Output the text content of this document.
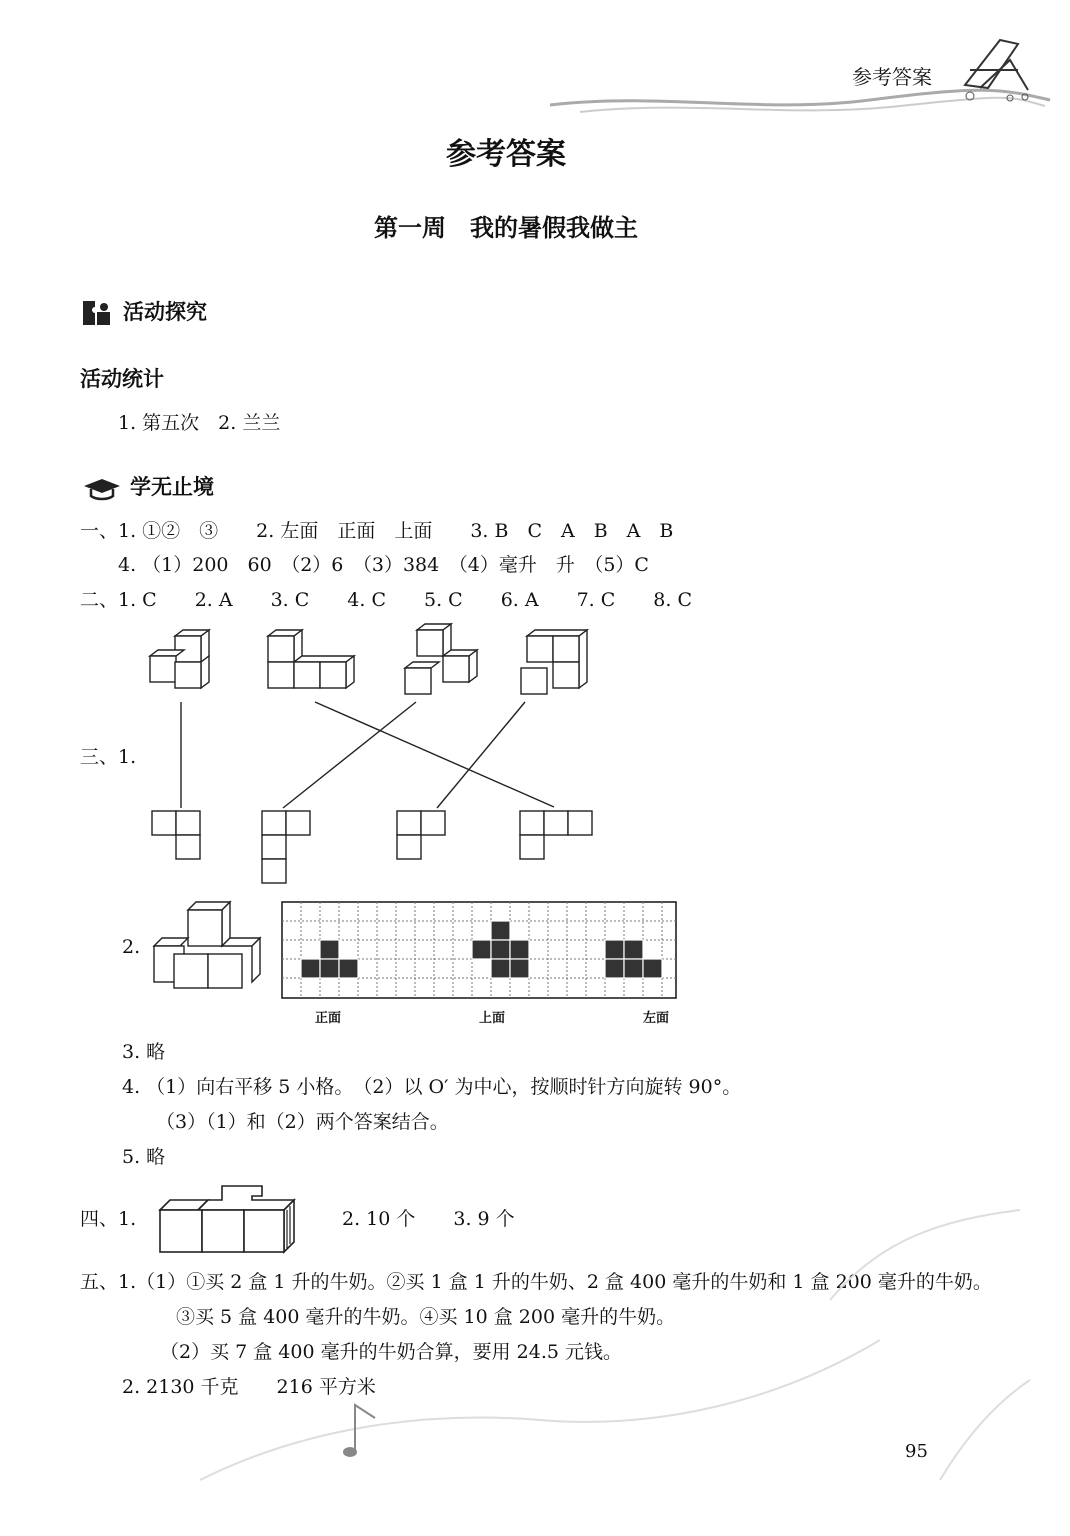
参考答案
参考答案
第一周　我的暑假我做主
活动探究
活动统计
1. 第五次　2. 兰兰
学无止境
一、1. ①②　③　　2. 左面　正面　上面　　3. B　C　A　B　A　B
4. （1）200　60　（2）6　（3）384　（4）毫升　升　（5）C
二、1. C　　2. A　　3. C　　4. C　　5. C　　6. A　　7. C　　8. C
三、1.
2.
正面	上面	左面
3. 略
4. （1）向右平移 5 小格。　（2）以 O′ 为中心，按顺时针方向旋转 90°。
（3）（1）和（2）两个答案结合。
5. 略
四、1.	2. 10 个　　3. 9 个
五、1.（1）①买 2 盒 1 升的牛奶。②买 1 盒 1 升的牛奶、2 盒 400 毫升的牛奶和 1 盒 200 毫升的牛奶。
③买 5 盒 400 毫升的牛奶。④买 10 盒 200 毫升的牛奶。
（2）买 7 盒 400 毫升的牛奶合算，要用 24.5 元钱。
2. 2130 千克　　216 平方米
95
